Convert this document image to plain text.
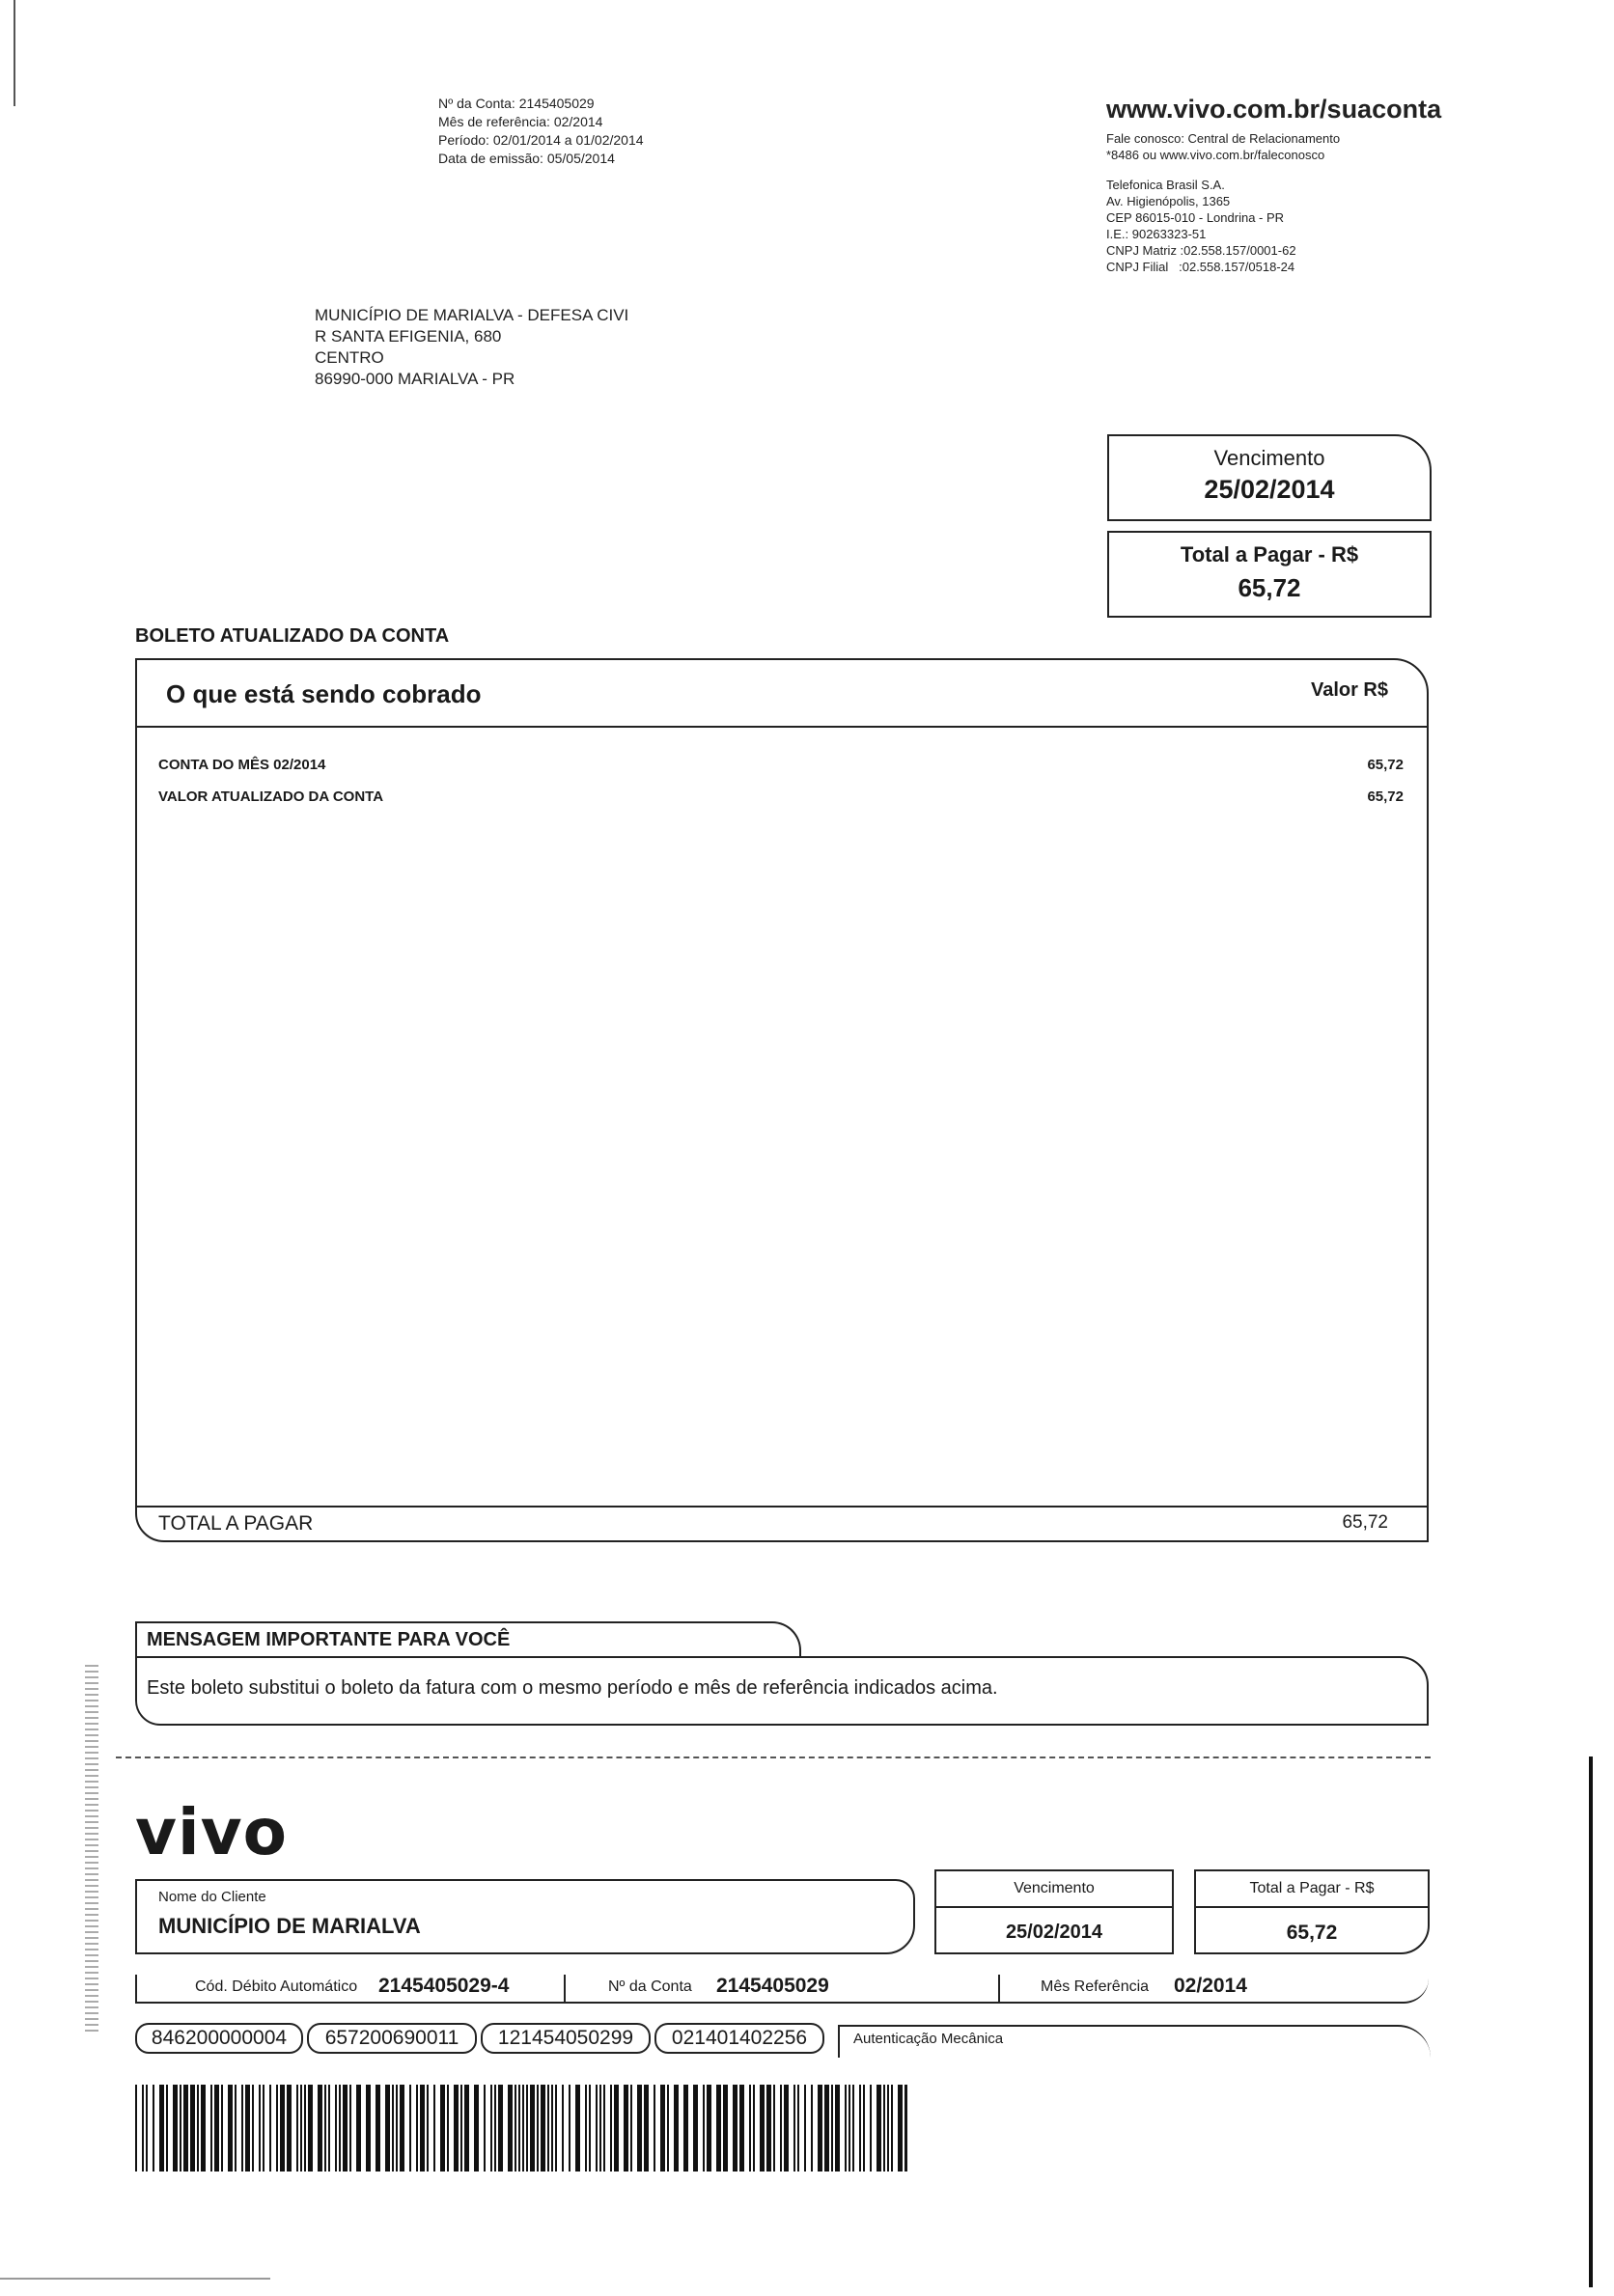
Nº da Conta: 2145405029
Mês de referência: 02/2014
Período: 02/01/2014 a 01/02/2014
Data de emissão: 05/05/2014
MUNICÍPIO DE MARIALVA - DEFESA CIVI
R SANTA EFIGENIA, 680
CENTRO
86990-000 MARIALVA - PR
www.vivo.com.br/suaconta
Fale conosco: Central de Relacionamento
*8486 ou www.vivo.com.br/faleconosco
Telefonica Brasil S.A.
Av. Higienópolis, 1365
CEP 86015-010 - Londrina - PR
I.E.: 90263323-51
CNPJ Matriz :02.558.157/0001-62
CNPJ Filial   :02.558.157/0518-24
Vencimento
25/02/2014
Total a Pagar - R$
65,72
BOLETO ATUALIZADO DA CONTA
O que está sendo cobrado	Valor R$
CONTA DO MÊS 02/2014	65,72
VALOR ATUALIZADO DA CONTA	65,72
TOTAL A PAGAR	65,72
MENSAGEM IMPORTANTE PARA VOCÊ
Este boleto substitui o boleto da fatura com o mesmo período e mês de referência indicados acima.
vivo
Nome do Cliente
MUNICÍPIO DE MARIALVA
Vencimento
25/02/2014
Total a Pagar - R$
65,72
Cód. Débito Automático 2145405029-4	Nº da Conta 2145405029	Mês Referência 02/2014
846200000004	657200690011	121454050299	021401402256	Autenticação Mecânica
